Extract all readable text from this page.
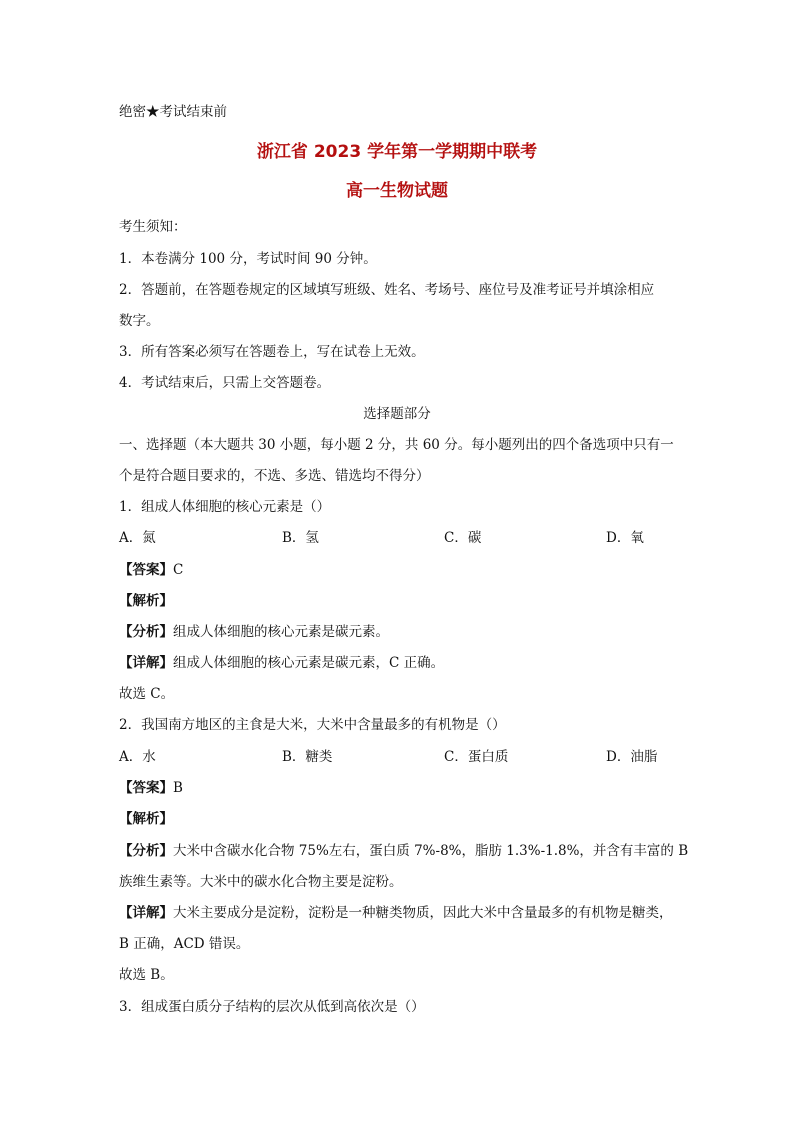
绝密★考试结束前
浙江省 2023 学年第一学期期中联考
高一生物试题
考生须知：
1．本卷满分 100 分，考试时间 90 分钟。
2．答题前，在答题卷规定的区域填写班级、姓名、考场号、座位号及准考证号并填涂相应
数字。
3．所有答案必须写在答题卷上，写在试卷上无效。
4．考试结束后，只需上交答题卷。
选择题部分
一、选择题（本大题共 30 小题，每小题 2 分，共 60 分。每小题列出的四个备选项中只有一
个是符合题目要求的，不选、多选、错选均不得分）
1．组成人体细胞的核心元素是（）
A．氮	B．氢	C．碳	D．氧
【答案】C
【解析】
【分析】组成人体细胞的核心元素是碳元素。
【详解】组成人体细胞的核心元素是碳元素，C 正确。
故选 C。
2．我国南方地区的主食是大米，大米中含量最多的有机物是（）
A．水	B．糖类	C．蛋白质	D．油脂
【答案】B
【解析】
【分析】大米中含碳水化合物 75%左右，蛋白质 7%-8%，脂肪 1.3%-1.8%，并含有丰富的 B
族维生素等。大米中的碳水化合物主要是淀粉。
【详解】大米主要成分是淀粉，淀粉是一种糖类物质，因此大米中含量最多的有机物是糖类，
B 正确，ACD 错误。
故选 B。
3．组成蛋白质分子结构的层次从低到高依次是（）
